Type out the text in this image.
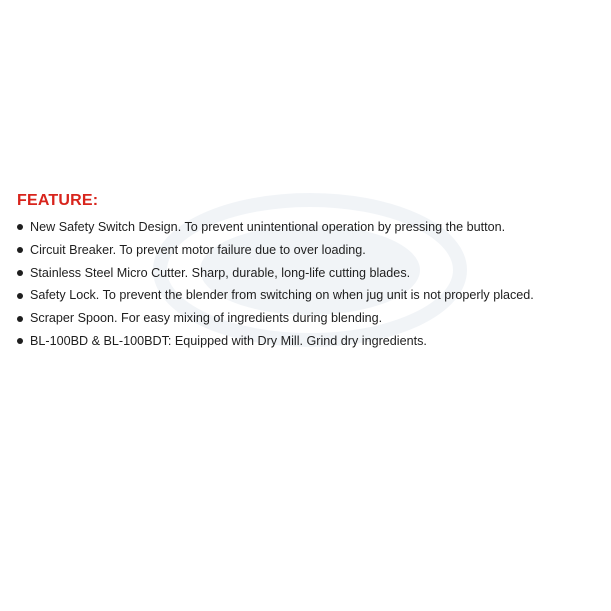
FEATURE:
New Safety Switch Design. To prevent unintentional operation by pressing the button.
Circuit Breaker. To prevent motor failure due to over loading.
Stainless Steel Micro Cutter. Sharp, durable, long-life cutting blades.
Safety Lock. To prevent the blender from switching on when jug unit is not properly placed.
Scraper Spoon. For easy mixing of ingredients during blending.
BL-100BD & BL-100BDT: Equipped with Dry Mill. Grind dry ingredients.
